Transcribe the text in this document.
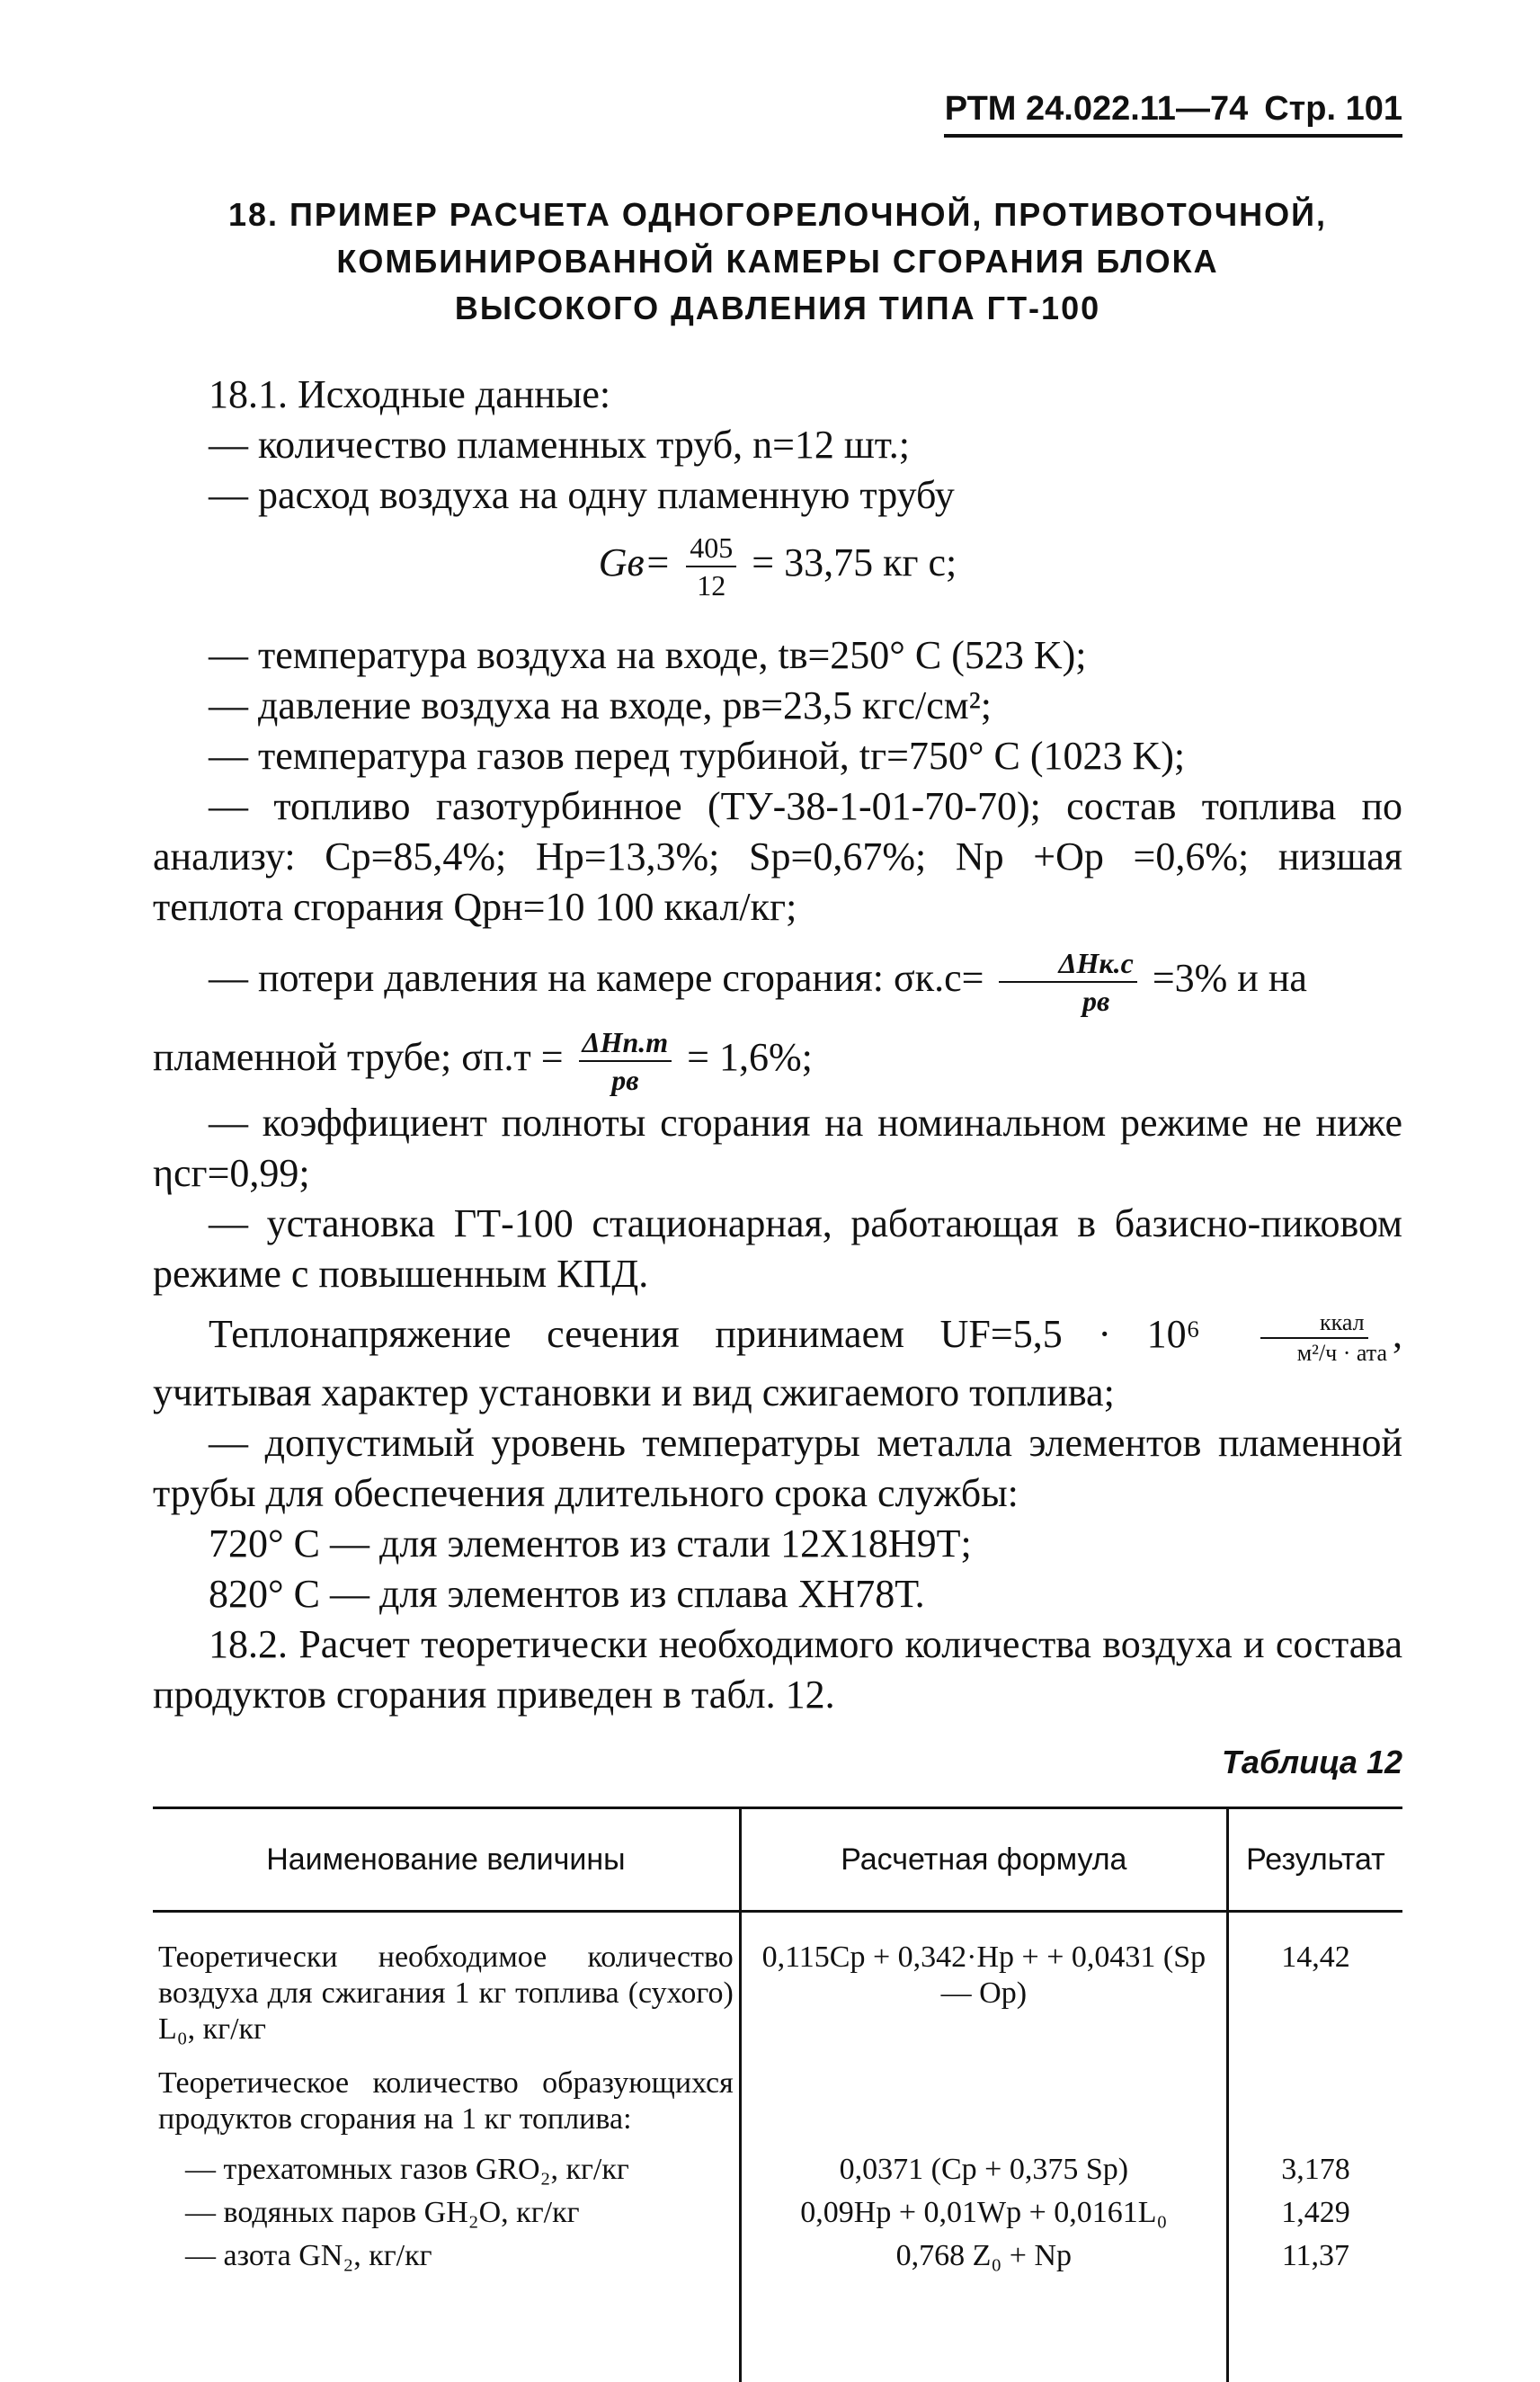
РТМ 24.022.11—74 Стр. 101
18. ПРИМЕР РАСЧЕТА ОДНОГОРЕЛОЧНОЙ, ПРОТИВОТОЧНОЙ,
КОМБИНИРОВАННОЙ КАМЕРЫ СГОРАНИЯ БЛОКА
ВЫСОКОГО ДАВЛЕНИЯ ТИПА ГТ-100

18.1. Исходные данные:

— количество пламенных труб, n=12 шт.;

— расход воздуха на одну пламенную трубу

$Gв= \frac{405}{12} = 33,75$ кг с;

— температура воздуха на входе, tв=250° C (523 K);

— давление воздуха на входе, pв=23,5 кгс/см²;

— температура газов перед турбиной, tг=750° C (1023 K);

— топливо газотурбинное (ТУ-38-1-01-70-70); состав топлива по анализу: Cр=85,4%; Hр=13,3%; Sр=0,67%; Nр +Oр =0,6%; низшая теплота сгорания Qрн=10 100 ккал/кг;

— потери давления на камере сгорания: $\sigma к.с= \frac{\text{ΔHк.с}}{pв} =3\%$ и на

пламенной трубе; $\sigma п.т = \frac{\text{ΔHп.т}}{pв} = 1,6\%$;

— коэффициент полноты сгорания на номинальном режиме не ниже ηсг=0,99;

— установка ГТ-100 стационарная, работающая в базисно-пиковом режиме с повышенным КПД.

Теплонапряжение сечения принимаем $UF=5,5 \cdot 10^6 \frac{\text{ккал}}{\text{м²/ч · ата}}$ , учитывая характер установки и вид сжигаемого топлива;

— допустимый уровень температуры металла элементов пламенной трубы для обеспечения длительного срока службы:

720° C — для элементов из стали 12Х18Н9Т;

820° C — для элементов из сплава ХН78Т.

18.2. Расчет теоретически необходимого количества воздуха и состава продуктов сгорания приведен в табл. 12.

Таблица 12
Наименование величины	Расчетная формула	Результат
Теоретически необходимое количество воздуха для сжигания 1 кг топлива (сухого) L₀, кг/кг	0,115Cр + 0,342·Hр + + 0,0431 (Sр — Oр)	14,42
Теоретическое количество образующихся продуктов сгорания на 1 кг топлива:		
— трехатомных газов GRO₂, кг/кг	0,0371 (Cр + 0,375 Sр)	3,178
— водяных паров GH₂O, кг/кг	0,09Hр + 0,01Wр + 0,0161L₀	1,429
— азота GN₂, кг/кг	0,768 Z₀ + Nр	11,37
